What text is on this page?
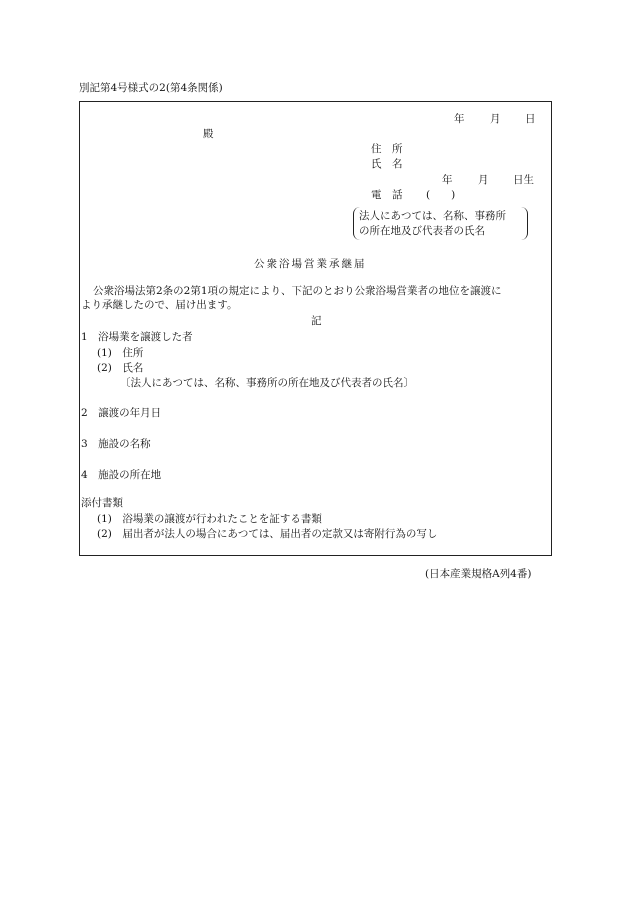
別記第4号様式の2(第4条関係)
年 月 日
殿
住 所
氏 名
年 月 日生
電 話 (　　)
法人にあつては、名称、事務所
の所在地及び代表者の氏名
公衆浴場営業承継届
公衆浴場法第2条の2第1項の規定により、下記のとおり公衆浴場営業者の地位を譲渡に
より承継したので、届け出ます。
記
1　浴場業を譲渡した者
(1)　住所
(2)　氏名
〔法人にあつては、名称、事務所の所在地及び代表者の氏名〕
2　譲渡の年月日
3　施設の名称
4　施設の所在地
添付書類
(1)　浴場業の譲渡が行われたことを証する書類
(2)　届出者が法人の場合にあつては、届出者の定款又は寄附行為の写し
(日本産業規格A列4番)
